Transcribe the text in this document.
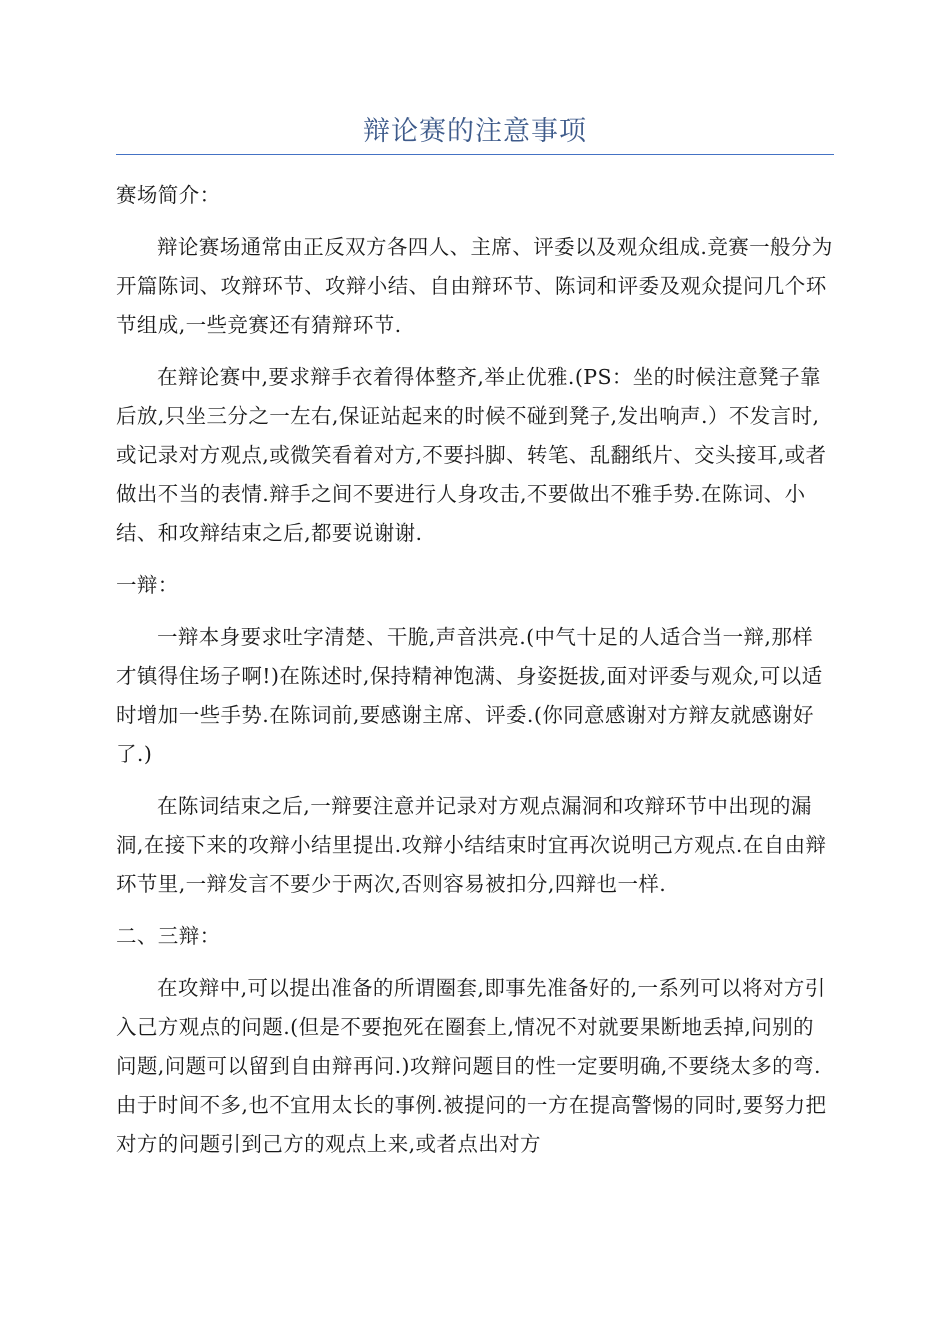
辩论赛的注意事项

赛场简介：

辩论赛场通常由正反双方各四人、主席、评委以及观众组成.竞赛一般分为开篇陈词、攻辩环节、攻辩小结、自由辩环节、陈词和评委及观众提问几个环节组成,一些竞赛还有猜辩环节.

在辩论赛中,要求辩手衣着得体整齐,举止优雅.(PS：坐的时候注意凳子靠后放,只坐三分之一左右,保证站起来的时候不碰到凳子,发出响声.）不发言时,或记录对方观点,或微笑看着对方,不要抖脚、转笔、乱翻纸片、交头接耳,或者做出不当的表情.辩手之间不要进行人身攻击,不要做出不雅手势.在陈词、小结、和攻辩结束之后,都要说谢谢.

一辩：

一辩本身要求吐字清楚、干脆,声音洪亮.(中气十足的人适合当一辩,那样才镇得住场子啊!)在陈述时,保持精神饱满、身姿挺拔,面对评委与观众,可以适时增加一些手势.在陈词前,要感谢主席、评委.(你同意感谢对方辩友就感谢好了.)

在陈词结束之后,一辩要注意并记录对方观点漏洞和攻辩环节中出现的漏洞,在接下来的攻辩小结里提出.攻辩小结结束时宜再次说明己方观点.在自由辩环节里,一辩发言不要少于两次,否则容易被扣分,四辩也一样.

二、三辩：

在攻辩中,可以提出准备的所谓圈套,即事先准备好的,一系列可以将对方引入己方观点的问题.(但是不要抱死在圈套上,情况不对就要果断地丢掉,问别的问题,问题可以留到自由辩再问.)攻辩问题目的性一定要明确,不要绕太多的弯.由于时间不多,也不宜用太长的事例.被提问的一方在提高警惕的同时,要努力把对方的问题引到己方的观点上来,或者点出对方
